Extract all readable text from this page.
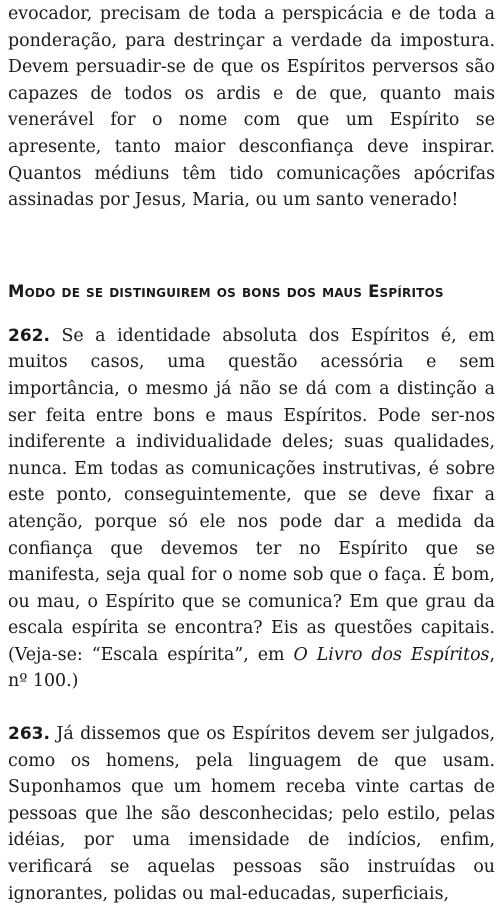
evocador, precisam de toda a perspicácia e de toda a ponderação, para destrinçar a verdade da impostura. Devem persuadir-se de que os Espíritos perversos são capazes de todos os ardis e de que, quanto mais venerável for o nome com que um Espírito se apresente, tanto maior desconfiança deve inspirar. Quantos médiuns têm tido comunicações apócrifas assinadas por Jesus, Maria, ou um santo venerado!

Modo de se distinguirem os bons dos maus Espíritos

262. Se a identidade absoluta dos Espíritos é, em muitos casos, uma questão acessória e sem importância, o mesmo já não se dá com a distinção a ser feita entre bons e maus Espíritos. Pode ser-nos indiferente a individualidade deles; suas qualidades, nunca. Em todas as comunicações instrutivas, é sobre este ponto, conseguintemente, que se deve fixar a atenção, porque só ele nos pode dar a medida da confiança que devemos ter no Espírito que se manifesta, seja qual for o nome sob que o faça. É bom, ou mau, o Espírito que se comunica? Em que grau da escala espírita se encontra? Eis as questões capitais. (Veja-se: “Escala espírita”, em O Livro dos Espíritos, nº 100.)

263. Já dissemos que os Espíritos devem ser julgados, como os homens, pela linguagem de que usam. Suponhamos que um homem receba vinte cartas de pessoas que lhe são desconhecidas; pelo estilo, pelas idéias, por uma imensidade de indícios, enfim, verificará se aquelas pessoas são instruídas ou ignorantes, polidas ou mal-educadas, superficiais,
